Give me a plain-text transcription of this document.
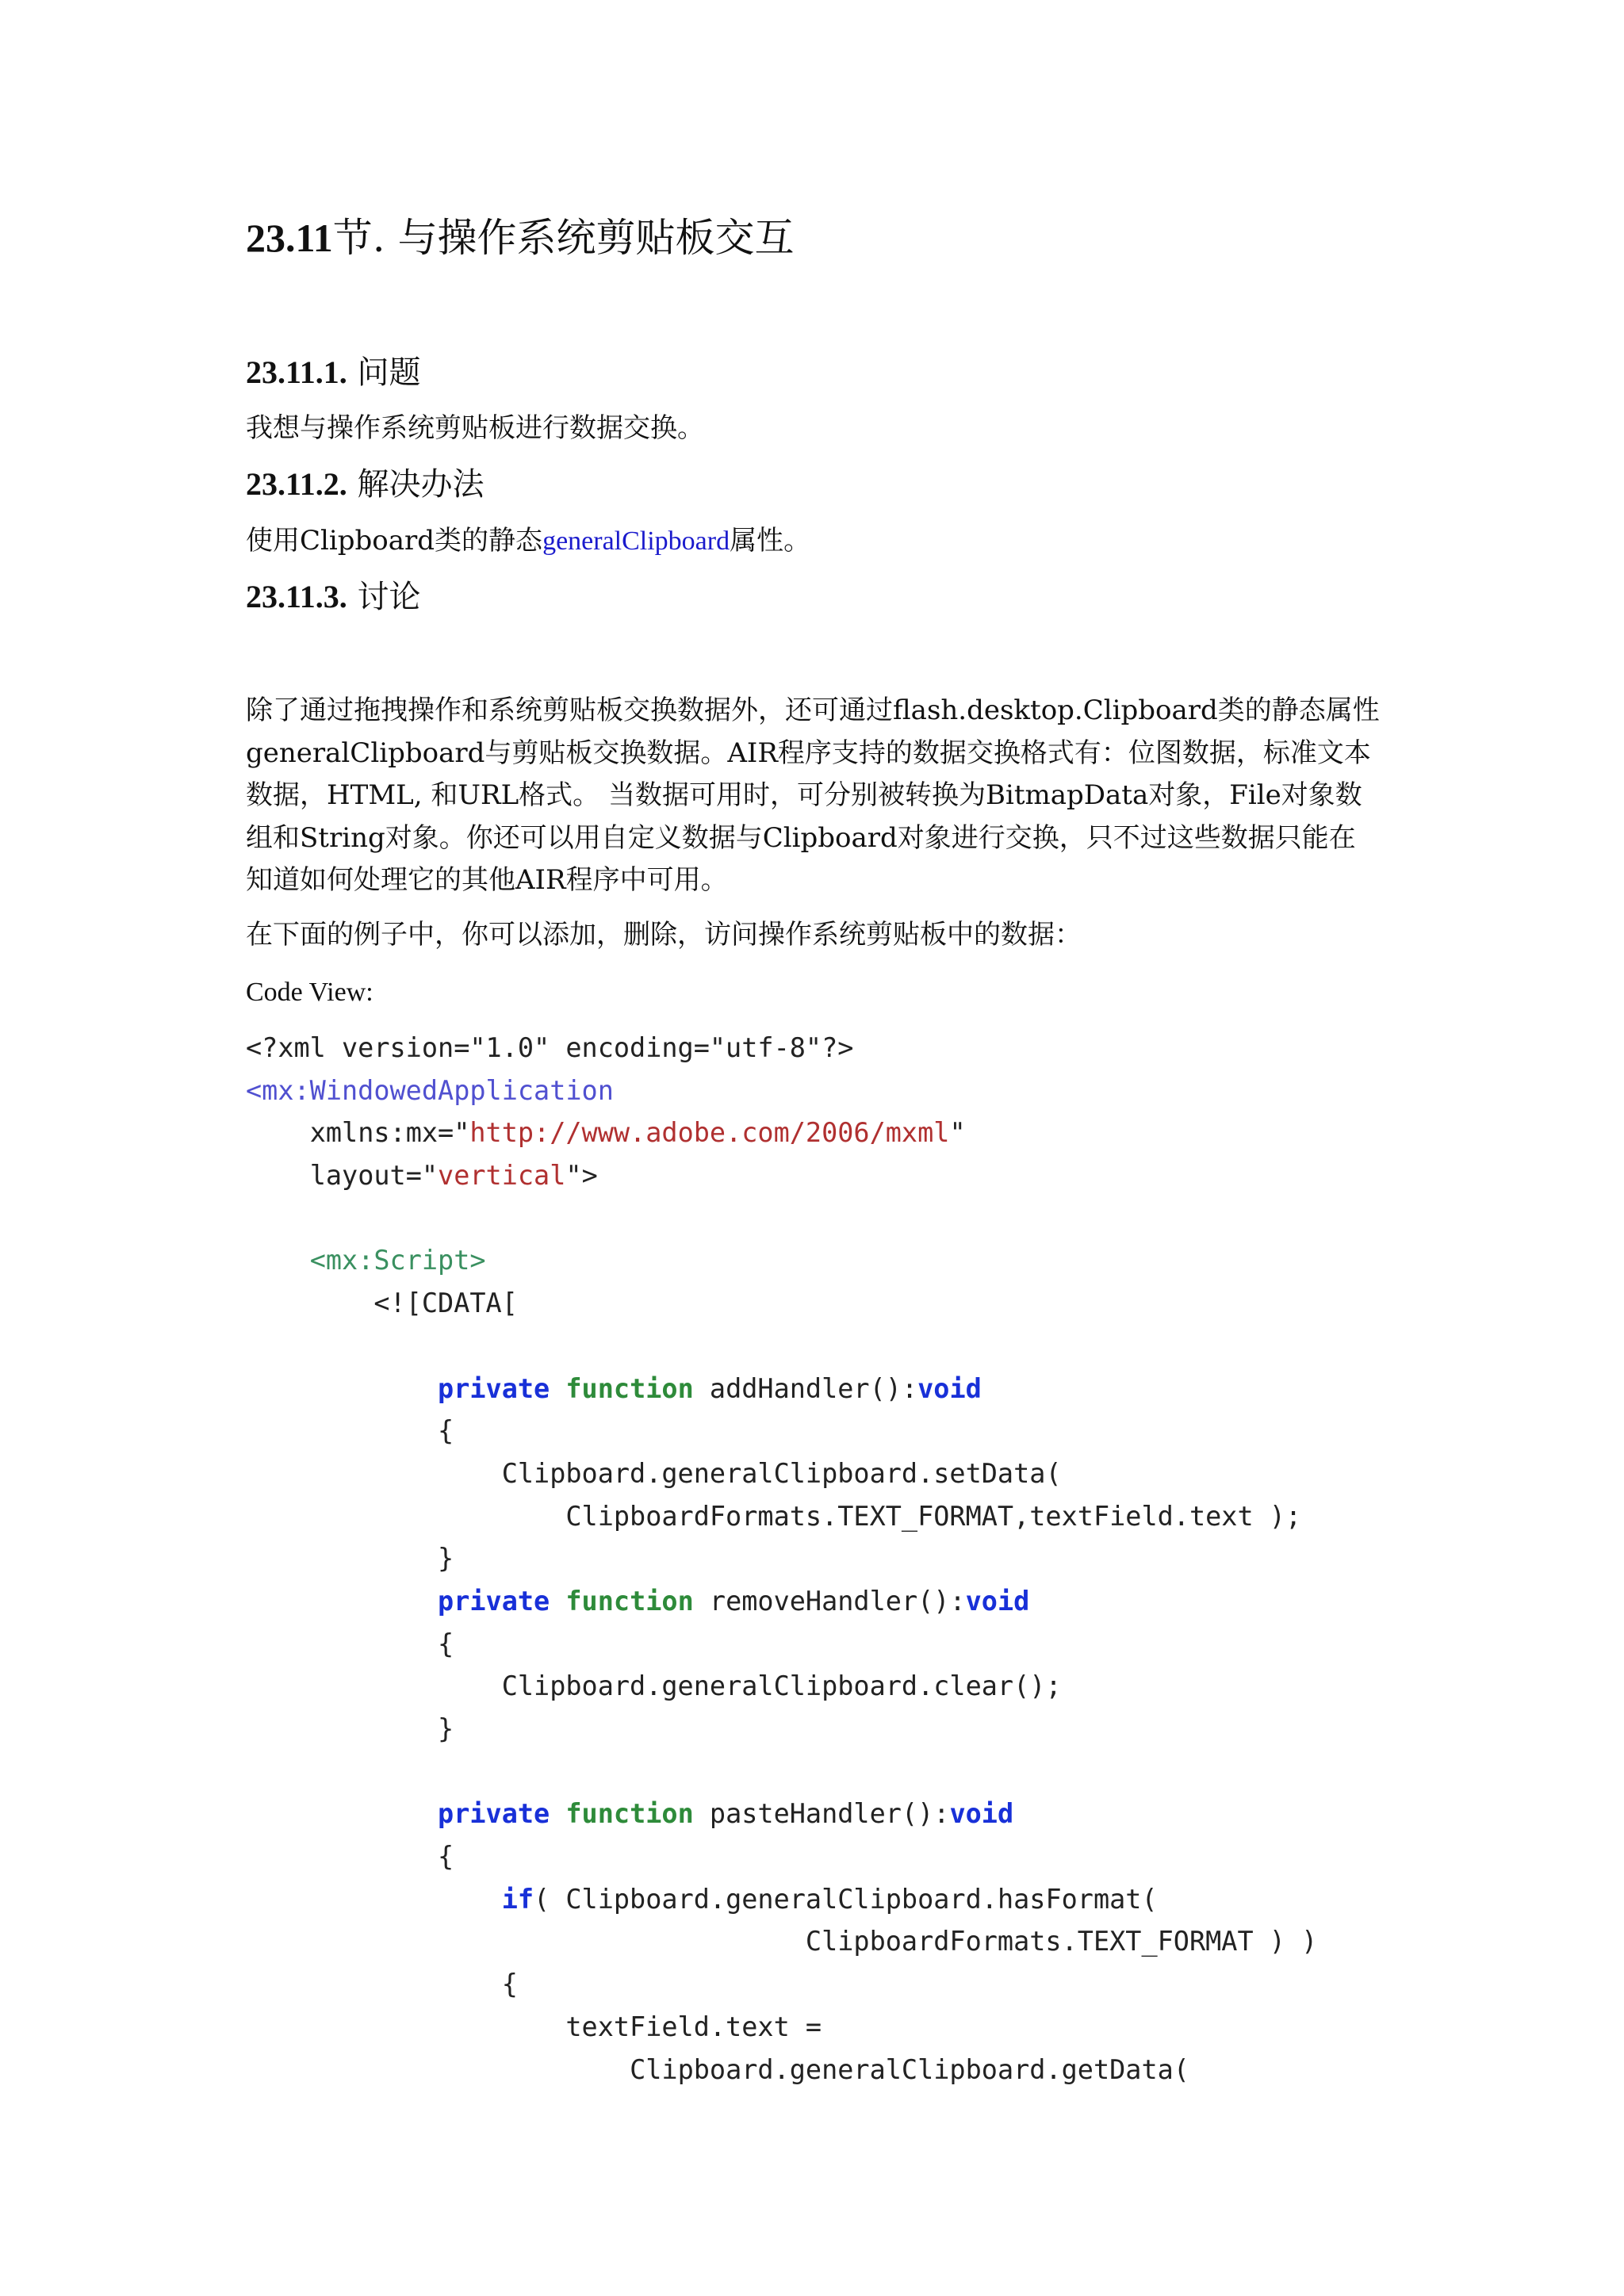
23.11节. 与操作系统剪贴板交互
23.11.1. 问题
我想与操作系统剪贴板进行数据交换。
23.11.2. 解决办法
使用Clipboard类的静态generalClipboard属性。
23.11.3. 讨论
除了通过拖拽操作和系统剪贴板交换数据外，还可通过flash.desktop.Clipboard类的静态属性
generalClipboard与剪贴板交换数据。AIR程序支持的数据交换格式有：位图数据，标准文本
数据，HTML, 和URL格式。 当数据可用时，可分别被转换为BitmapData对象，File对象数
组和String对象。你还可以用自定义数据与Clipboard对象进行交换，只不过这些数据只能在
知道如何处理它的其他AIR程序中可用。
在下面的例子中，你可以添加，删除，访问操作系统剪贴板中的数据：
Code View:
<?xml version="1.0" encoding="utf-8"?>
<mx:WindowedApplication
xmlns:mx="http://www.adobe.com/2006/mxml"
layout="vertical">
<mx:Script>
<![CDATA[
private function addHandler():void
{
Clipboard.generalClipboard.setData(
ClipboardFormats.TEXT_FORMAT,textField.text );
}
private function removeHandler():void
{
Clipboard.generalClipboard.clear();
}
private function pasteHandler():void
{
if( Clipboard.generalClipboard.hasFormat(
ClipboardFormats.TEXT_FORMAT ) )
{
textField.text =
Clipboard.generalClipboard.getData(
